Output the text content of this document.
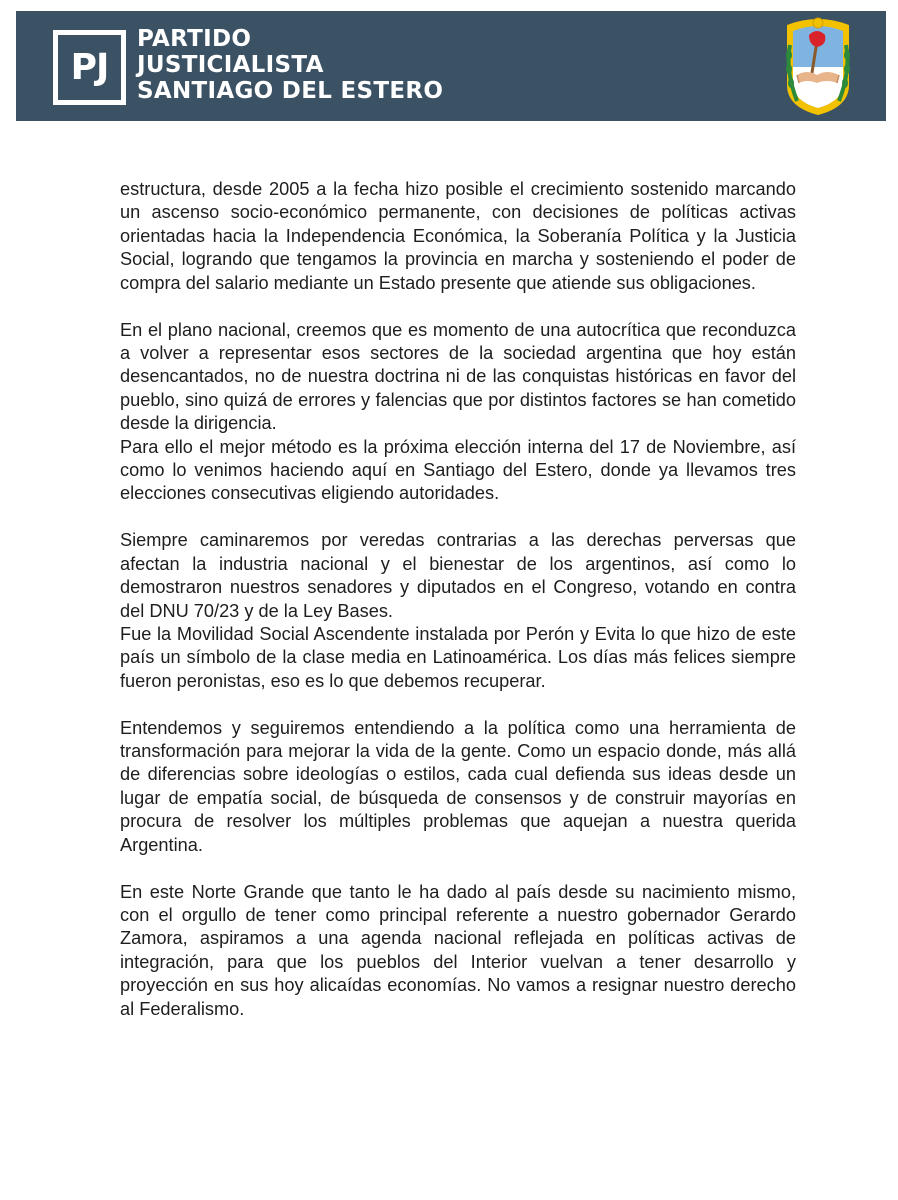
PJ
PARTIDO
JUSTICIALISTA
SANTIAGO DEL ESTERO

estructura, desde 2005 a la fecha hizo posible el crecimiento sostenido marcando un ascenso socio-económico permanente, con decisiones de políticas activas orientadas hacia la Independencia Económica, la Soberanía Política y la Justicia Social, logrando que tengamos la provincia en marcha y sosteniendo el poder de compra del salario mediante un Estado presente que atiende sus obligaciones.

En el plano nacional, creemos que es momento de una autocrítica que reconduzca a volver a representar esos sectores de la sociedad argentina que hoy están desencantados, no de nuestra doctrina ni de las conquistas históricas en favor del pueblo, sino quizá de errores y falencias que por distintos factores se han cometido desde la dirigencia.

Para ello el mejor método es la próxima elección interna del 17 de Noviembre, así como lo venimos haciendo aquí en Santiago del Estero, donde ya llevamos tres elecciones consecutivas eligiendo autoridades.

Siempre caminaremos por veredas contrarias a las derechas perversas que afectan la industria nacional y el bienestar de los argentinos, así como lo demostraron nuestros senadores y diputados en el Congreso, votando en contra del DNU 70/23 y de la Ley Bases.

Fue la Movilidad Social Ascendente instalada por Perón y Evita lo que hizo de este país un símbolo de la clase media en Latinoamérica. Los días más felices siempre fueron peronistas, eso es lo que debemos recuperar.

Entendemos y seguiremos entendiendo a la política como una herramienta de transformación para mejorar la vida de la gente. Como un espacio donde, más allá de diferencias sobre ideologías o estilos, cada cual defienda sus ideas desde un lugar de empatía social, de búsqueda de consensos y de construir mayorías en procura de resolver los múltiples problemas que aquejan a nuestra querida Argentina.

En este Norte Grande que tanto le ha dado al país desde su nacimiento mismo, con el orgullo de tener como principal referente a nuestro gobernador Gerardo Zamora, aspiramos a una agenda nacional reflejada en políticas activas de integración, para que los pueblos del Interior vuelvan a tener desarrollo y proyección en sus hoy alicaídas economías. No vamos a resignar nuestro derecho al Federalismo.
